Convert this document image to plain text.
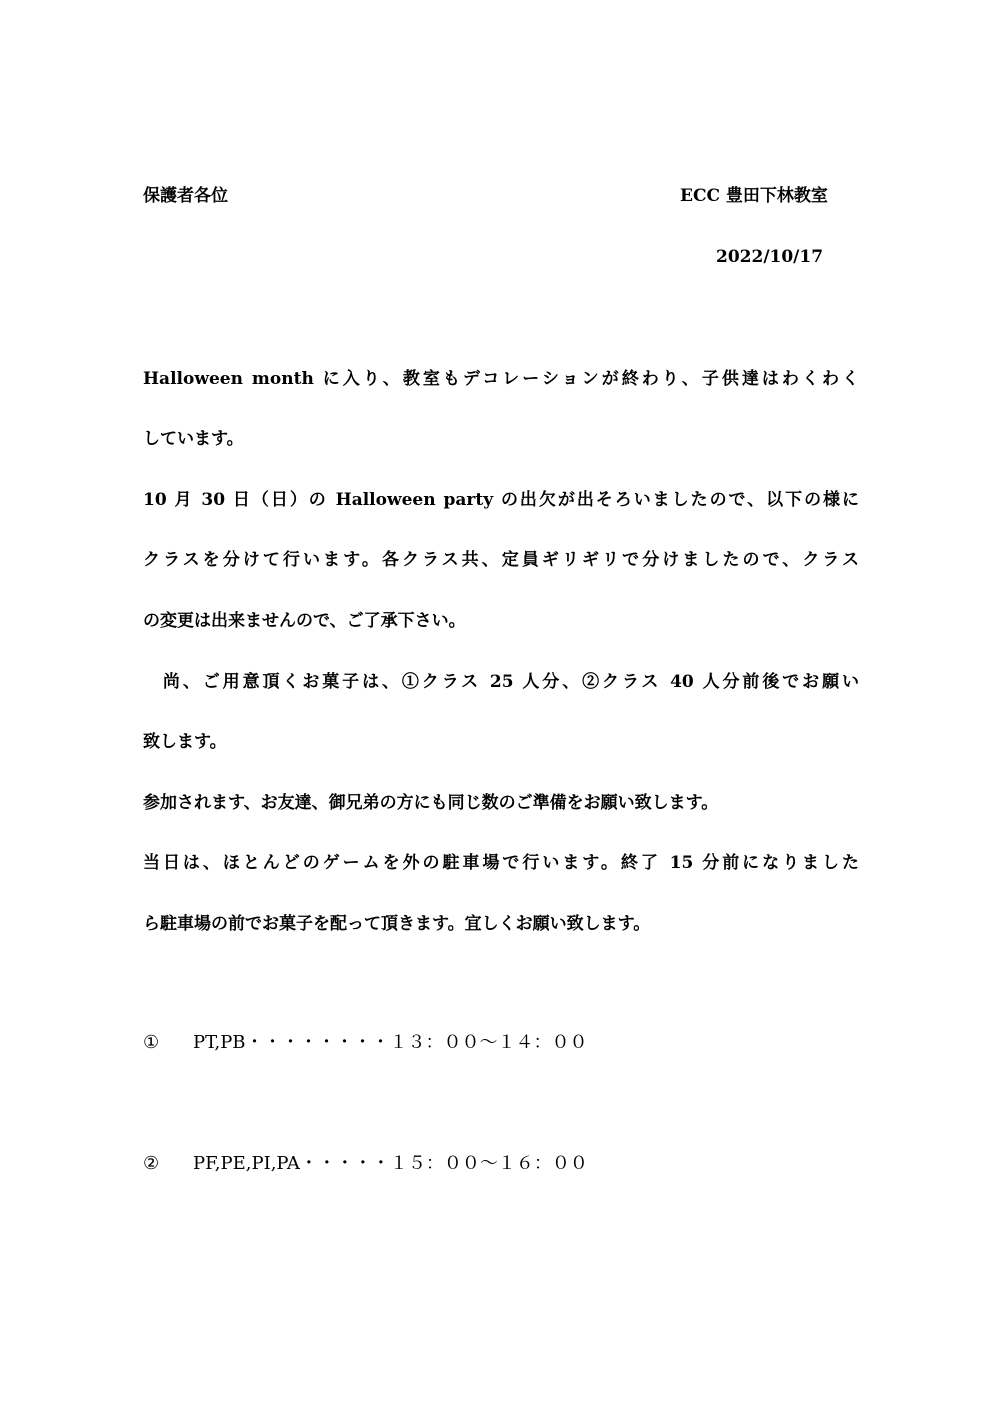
保護者各位	ECC 豊田下林教室

2022/10/17

Halloween month に入り、教室もデコレーションが終わり、子供達はわくわく

しています。

10 月 30 日（日）の Halloween party の出欠が出そろいましたので、以下の様に

クラスを分けて行います。各クラス共、定員ギリギリで分けましたので、クラス

の変更は出来ませんので、ご了承下さい。

　尚、ご用意頂くお菓子は、①クラス 25 人分、②クラス 40 人分前後でお願い

致します。

参加されます、お友達、御兄弟の方にも同じ数のご準備をお願い致します。

当日は、ほとんどのゲームを外の駐車場で行います。終了 15 分前になりました

ら駐車場の前でお菓子を配って頂きます。宜しくお願い致します。

① PT,PB・・・・・・・・１３：００～１４：００

② PF,PE,PI,PA・・・・・１５：００～１６：００
